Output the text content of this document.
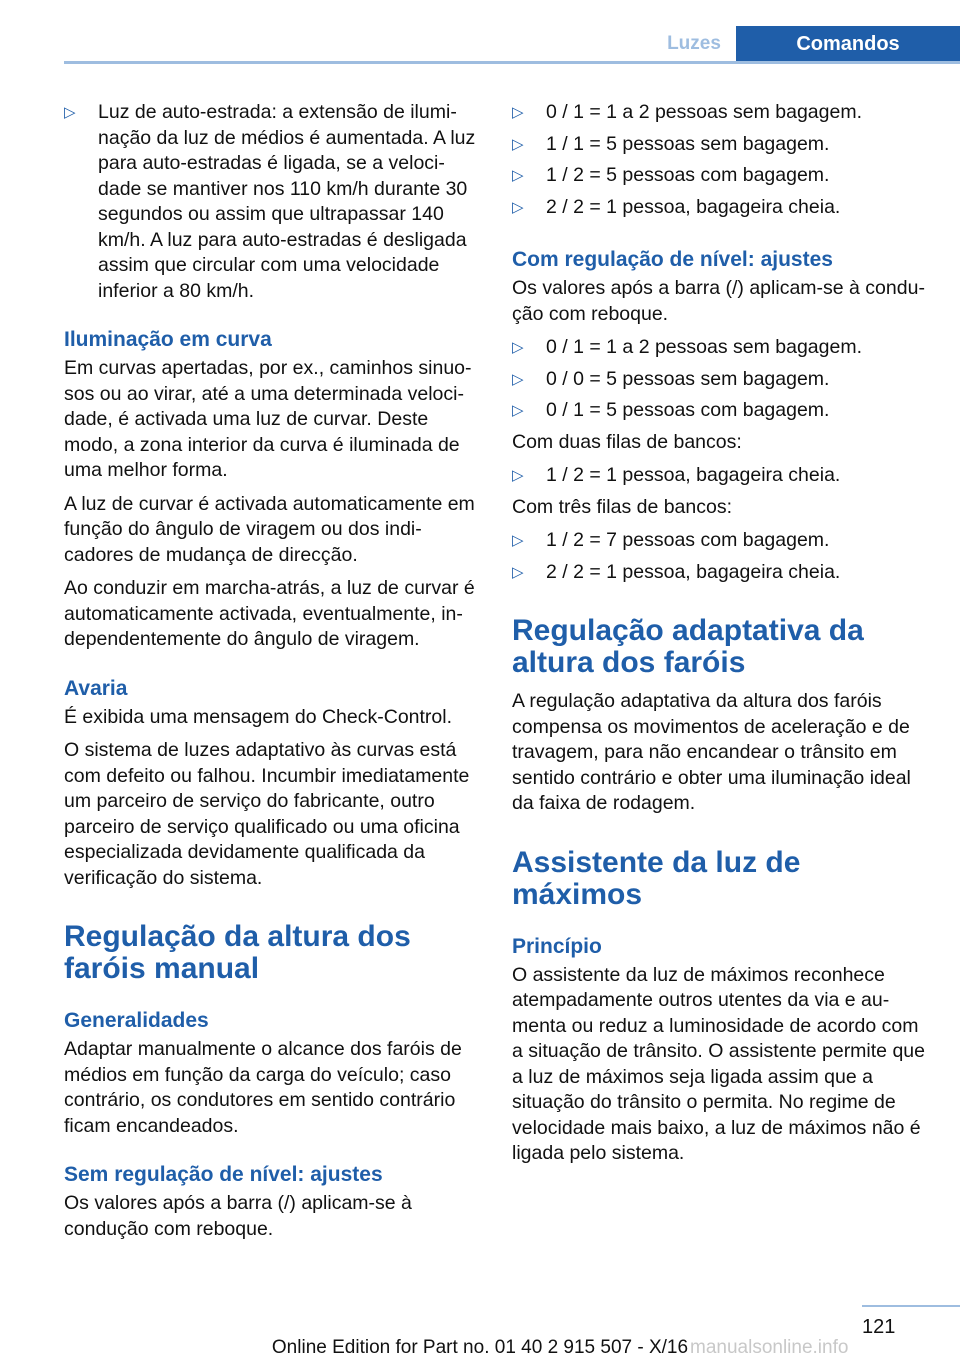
Luzes	Comandos
▷	Luz de auto-estrada: a extensão de iluminação da luz de médios é aumentada. A luz para auto-estradas é ligada, se a velocidade se mantiver nos 110 km/h durante 30 segundos ou assim que ultrapassar 140 km/h. A luz para auto-estradas é desligada assim que circular com uma velocidade inferior a 80 km/h.
Iluminação em curva

Em curvas apertadas, por ex., caminhos sinuosos ou ao virar, até a uma determinada velocidade, é activada uma luz de curvar. Deste modo, a zona interior da curva é iluminada de uma melhor forma.

A luz de curvar é activada automaticamente em função do ângulo de viragem ou dos indicadores de mudança de direcção.

Ao conduzir em marcha-atrás, a luz de curvar é automaticamente activada, eventualmente, independentemente do ângulo de viragem.

Avaria

É exibida uma mensagem do Check-Control.

O sistema de luzes adaptativo às curvas está com defeito ou falhou. Incumbir imediatamente um parceiro de serviço do fabricante, outro parceiro de serviço qualificado ou uma oficina especializada devidamente qualificada da verificação do sistema.

Regulação da altura dos faróis manual
Generalidades

Adaptar manualmente o alcance dos faróis de médios em função da carga do veículo; caso contrário, os condutores em sentido contrário ficam encandeados.

Sem regulação de nível: ajustes

Os valores após a barra (/) aplicam-se à condução com reboque.

▷	0 / 1 = 1 a 2 pessoas sem bagagem.
▷	1 / 1 = 5 pessoas sem bagagem.
▷	1 / 2 = 5 pessoas com bagagem.
▷	2 / 2 = 1 pessoa, bagageira cheia.
Com regulação de nível: ajustes

Os valores após a barra (/) aplicam-se à condução com reboque.

▷	0 / 1 = 1 a 2 pessoas sem bagagem.
▷	0 / 0 = 5 pessoas sem bagagem.
▷	0 / 1 = 5 pessoas com bagagem.

Com duas filas de bancos:

▷	1 / 2 = 1 pessoa, bagageira cheia.

Com três filas de bancos:

▷	1 / 2 = 7 pessoas com bagagem.
▷	2 / 2 = 1 pessoa, bagageira cheia.
Regulação adaptativa da altura dos faróis

A regulação adaptativa da altura dos faróis compensa os movimentos de aceleração e de travagem, para não encandear o trânsito em sentido contrário e obter uma iluminação ideal da faixa de rodagem.

Assistente da luz de máximos
Princípio

O assistente da luz de máximos reconhece atempadamente outros utentes da via e aumenta ou reduz a luminosidade de acordo com a situação de trânsito. O assistente permite que a luz de máximos seja ligada assim que a situação do trânsito o permita. No regime de velocidade mais baixo, a luz de máximos não é ligada pelo sistema.

121
Online Edition for Part no. 01 40 2 915 507 - X/16 manualsonline.info
